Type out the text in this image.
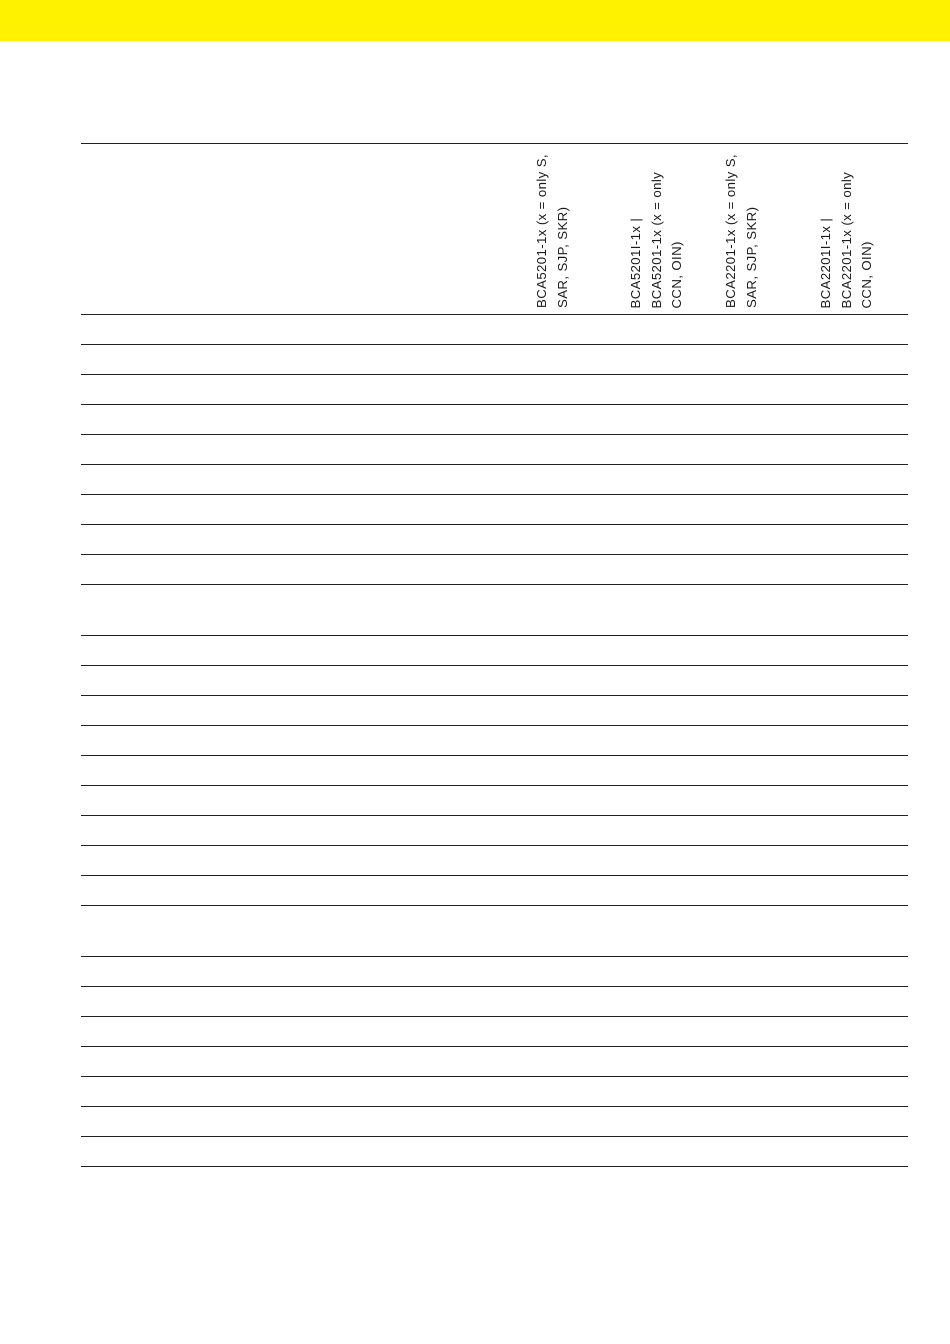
BCA5201-1x (x = only S, SAR, SJP, SKR)	BCA5201I-1x | BCA5201-1x (x = only CCN, OIN)	BCA2201-1x (x = only S, SAR, SJP, SKR)	BCA2201I-1x | BCA2201-1x (x = only CCN, OIN)
